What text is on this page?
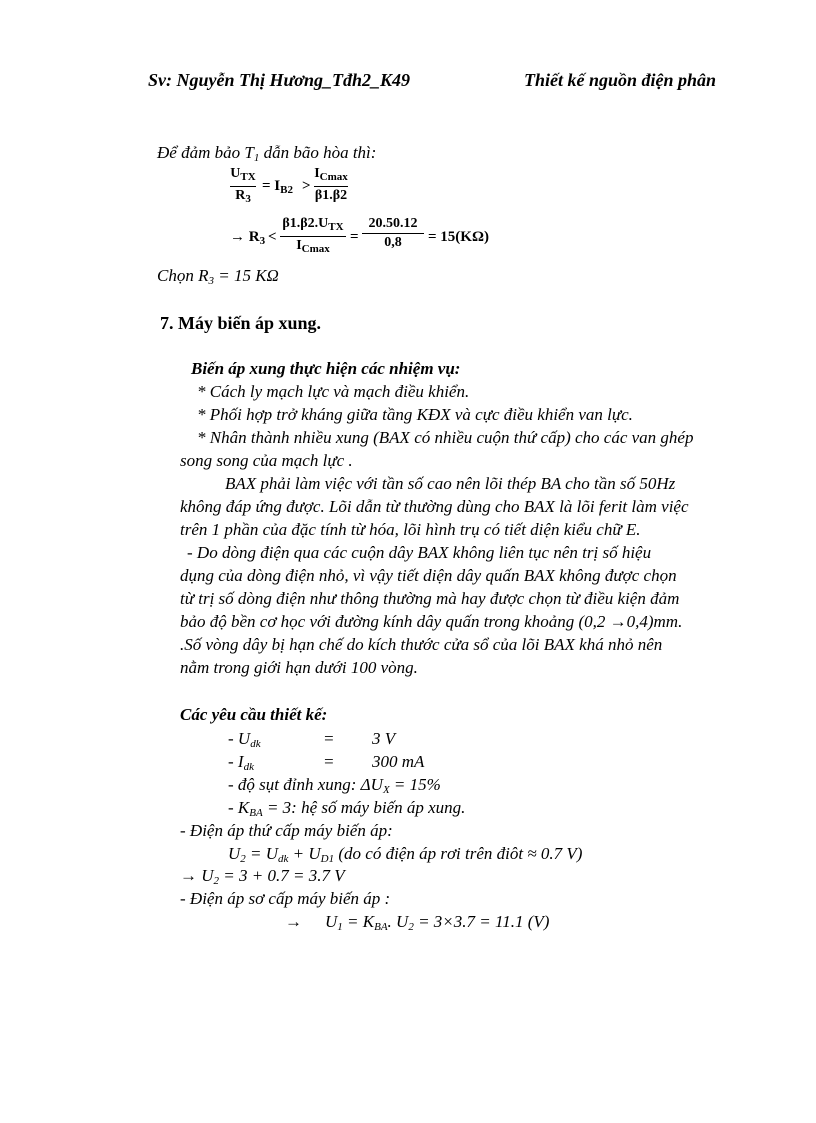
Sv: Nguyễn Thị Hương_Tđh2_K49	Thiết kế nguồn điện phân
Để đảm bảo $T_1$ dẫn bão hòa thì:
$U_{TX}$
$R_3$
= $I_{B2}$ >
$I_{Cmax}$
β1.β2
→ $R_3$ <
$\beta 1.\beta 2.U_{TX}$
$I_{Cmax}$
=
20.50.12
0,8	= 15(KΩ)
Chọn $R_3 = 15$ KΩ
7. Máy biến áp xung.
Biến áp xung thực hiện các nhiệm vụ:
* Cách ly mạch lực và mạch điều khiển.
* Phối hợp trở kháng giữa tầng KĐX và cực điều khiển van lực.
* Nhân thành nhiều xung (BAX có nhiều cuộn thứ cấp) cho các van ghép
song song của mạch lực .
BAX phải làm việc với tần số cao nên lõi thép BA cho tần số 50Hz
không đáp ứng được. Lõi dẫn từ thường dùng cho BAX là lõi ferit làm việc
trên 1 phần của đặc tính từ hóa, lõi hình trụ có tiết diện kiểu chữ E.
- Do dòng điện qua các cuộn dây BAX không liên tục nên trị số hiệu
dụng của dòng điện nhỏ, vì vậy tiết diện dây quấn BAX không được chọn
từ trị số dòng điện như thông thường mà hay được chọn từ điều kiện đảm
bảo độ bền cơ học với đường kính dây quấn trong khoảng (0,2 →0,4)mm.
.Số vòng dây bị hạn chế do kích thước cửa sổ của lõi BAX khá nhỏ nên
nằm trong giới hạn dưới 100 vòng.
Các yêu cầu thiết kế:
- $U_{dk}$	= 3 V
- $I_{dk}$	= 300 mA
- độ sụt đỉnh xung: $\Delta U_X = 15\%$
- $K_{BA} = 3$: hệ số máy biến áp xung.
- Điện áp thứ cấp máy biến áp:
$U_2 = U_{dk} + U_{D1}$ (do có điện áp rơi trên điôt ≈ 0.7 V)
→ $U_2 = 3 + 0.7 = 3.7$ V
- Điện áp sơ cấp máy biến áp :
→ $U_1 = K_{BA}$. $U_2 = 3\times 3.7 = 11.1$ (V)
